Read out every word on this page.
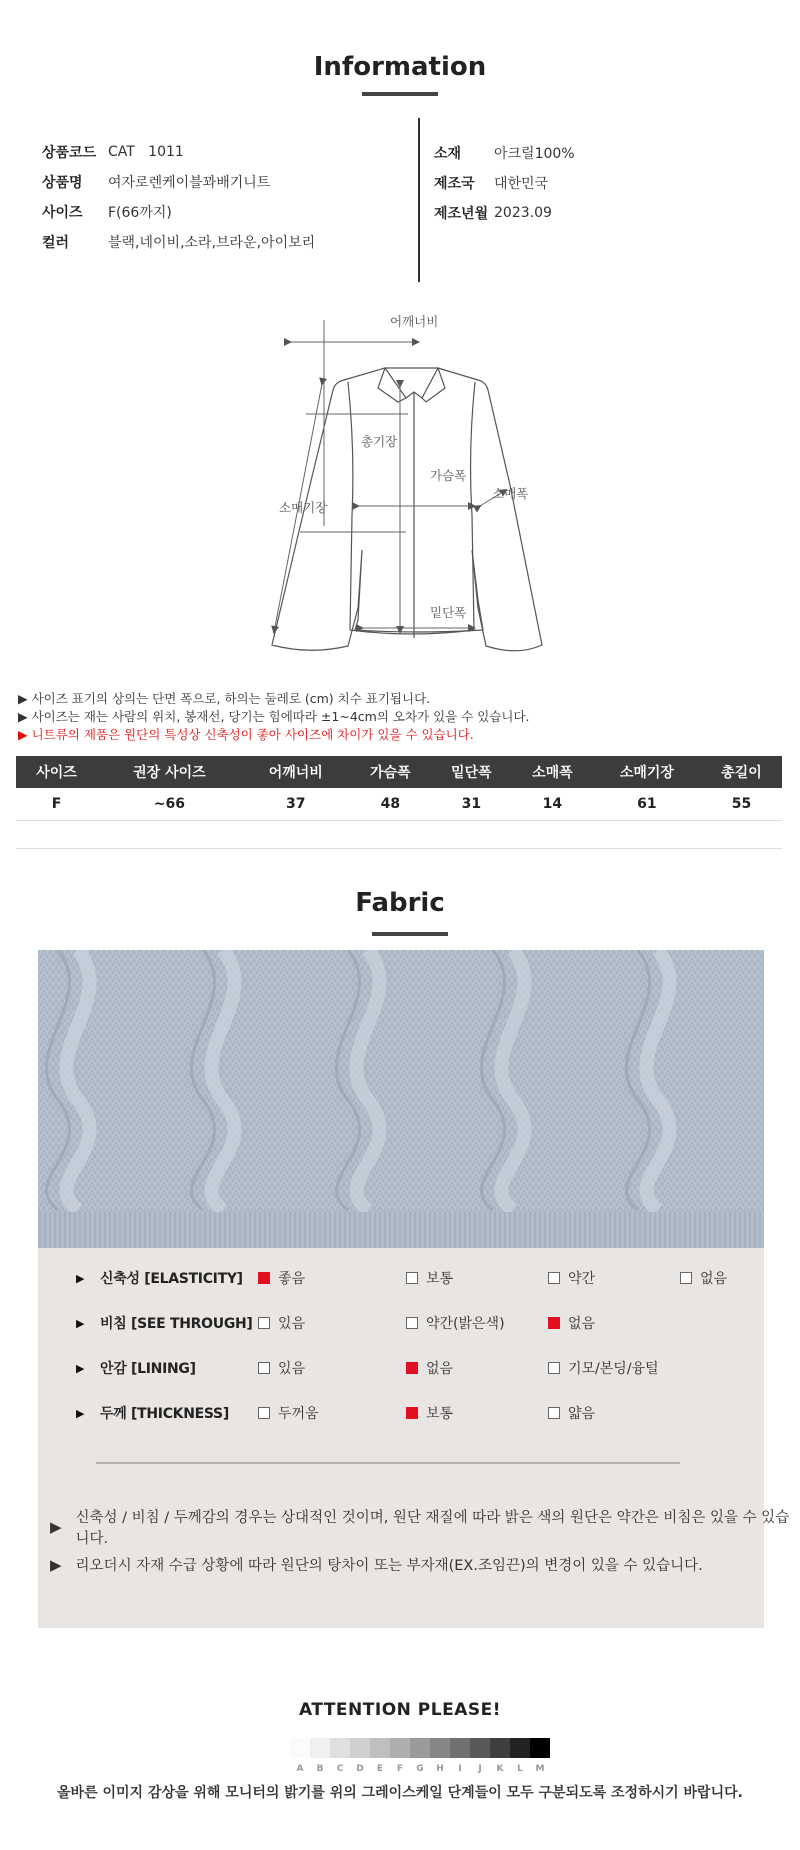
Information
상품코드 CAT   1011
상품명	여자로렌케이블꽈배기니트
사이즈	F(66까지)
컬러	블랙,네이비,소라,브라운,아이보리
소재	아크릴100%
제조국	대한민국
제조년월 2023.09
어깨너비
총기장
가슴폭
소매폭
소매기장
밑단폭
▶ 사이즈 표기의 상의는 단면 폭으로, 하의는 둘레로 (cm) 치수 표기됩니다.
▶ 사이즈는 재는 사람의 위치, 봉재선, 당기는 힘에따라 ±1~4cm의 오차가 있을 수 있습니다.
▶ 니트류의 제품은 원단의 특성상 신축성이 좋아 사이즈에 차이가 있을 수 있습니다.
사이즈	권장 사이즈	어깨너비	가슴폭	밑단폭	소매폭	소매기장	총길이
F	~66	37	48	31	14	61	55
Fabric
▶ 신축성 [ELASTICITY]	좋음	보통	약간	없음
▶ 비침 [SEE THROUGH] 있음	약간(밝은색)	없음
▶ 안감 [LINING]	있음	없음	기모/본딩/융털
▶ 두께 [THICKNESS]	두꺼움	보통	얇음
▶ 신축성 / 비침 / 두께감의 경우는 상대적인 것이며, 원단 재질에 따라 밝은 색의 원단은 약간은 비침은 있을 수 있습니다.
▶ 리오더시 자재 수급 상황에 따라 원단의 탕차이 또는 부자재(EX.조임끈)의 변경이 있을 수 있습니다.
ATTENTION PLEASE!
A	B	C	D	E	F	G	H	I	J	K	L	M
올바른 이미지 감상을 위해 모니터의 밝기를 위의 그레이스케일 단계들이 모두 구분되도록 조정하시기 바랍니다.
